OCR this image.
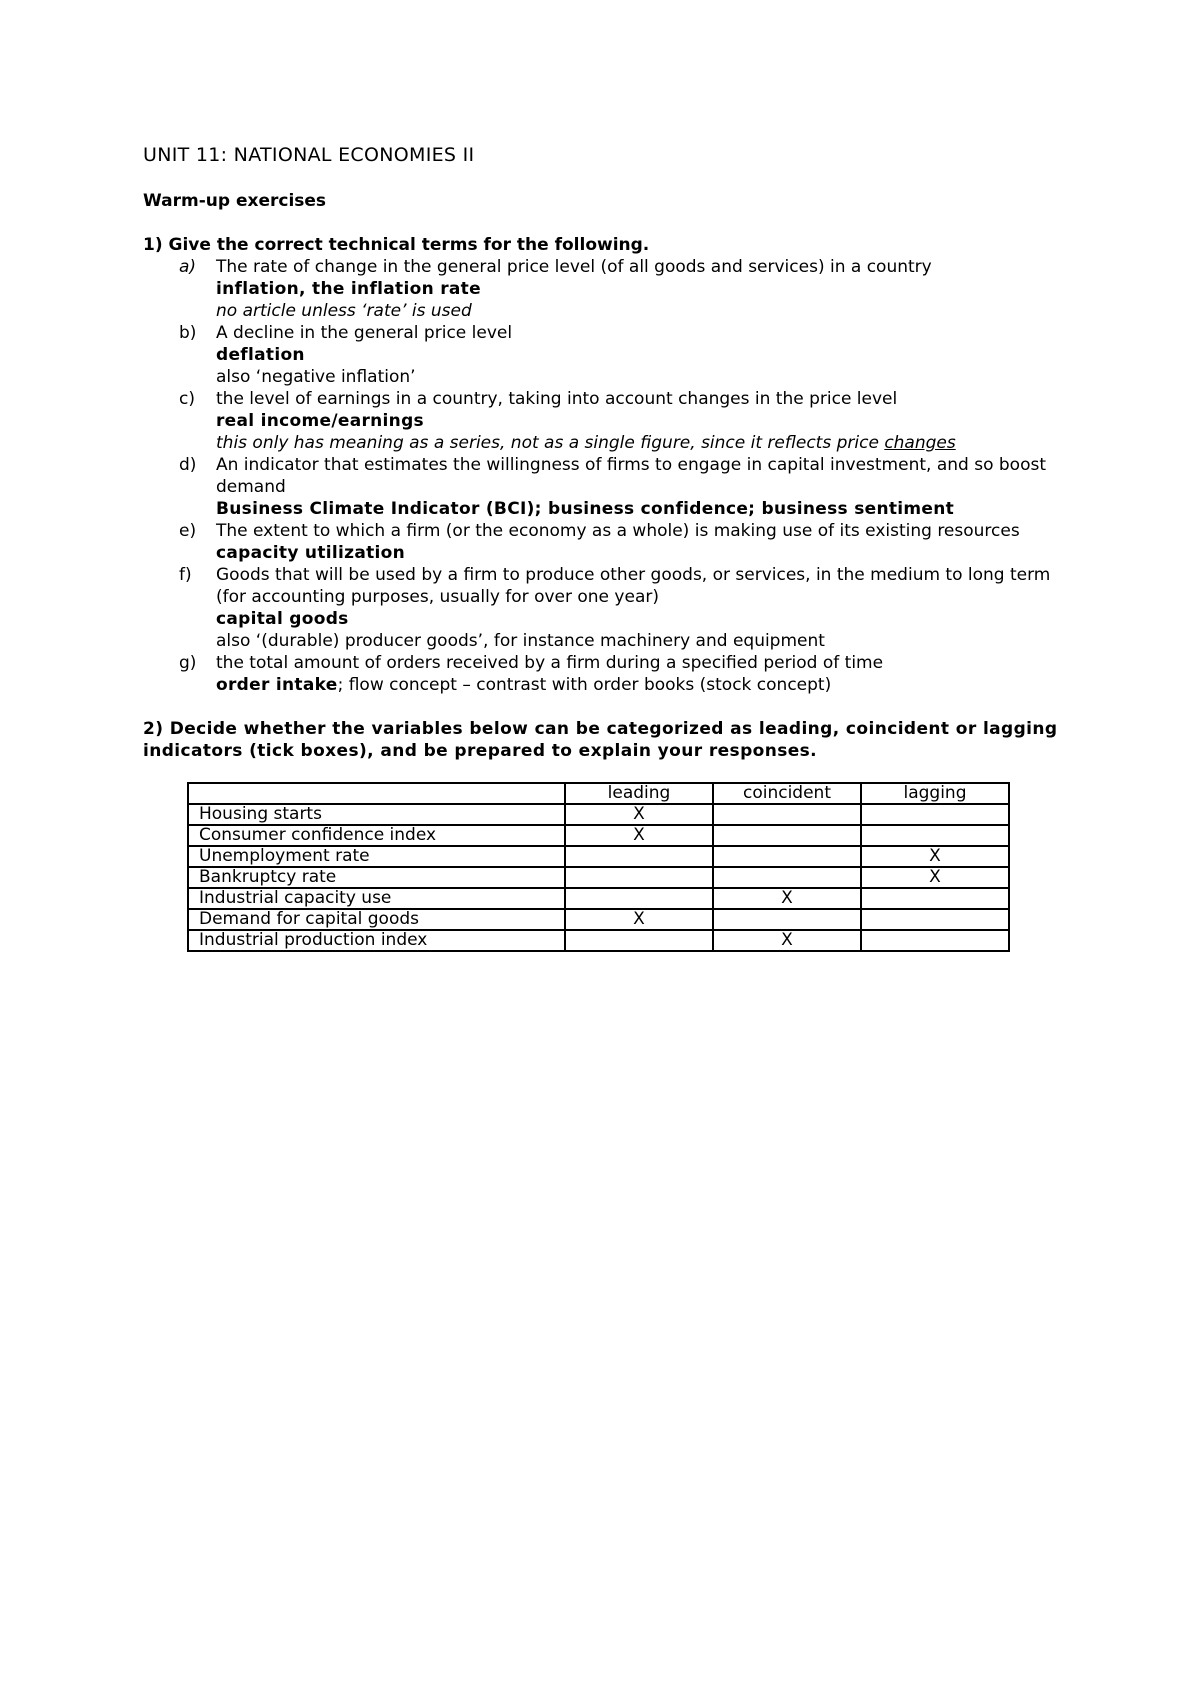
UNIT 11: NATIONAL ECONOMIES II
Warm-up exercises
1) Give the correct technical terms for the following.
a) The rate of change in the general price level (of all goods and services) in a country
inflation, the inflation rate
no article unless ‘rate’ is used
b) A decline in the general price level
deflation
also ‘negative inflation’
c) the level of earnings in a country, taking into account changes in the price level
real income/earnings
this only has meaning as a series, not as a single figure, since it reflects price changes
d) An indicator that estimates the willingness of firms to engage in capital investment, and so boost demand
Business Climate Indicator (BCI); business confidence; business sentiment
e) The extent to which a firm (or the economy as a whole) is making use of its existing resources
capacity utilization
f) Goods that will be used by a firm to produce other goods, or services, in the medium to long term (for accounting purposes, usually for over one year)
capital goods
also ‘(durable) producer goods’, for instance machinery and equipment
g) the total amount of orders received by a firm during a specified period of time
order intake; flow concept – contrast with order books (stock concept)
2) Decide whether the variables below can be categorized as leading, coincident or lagging indicators (tick boxes), and be prepared to explain your responses.
	leading	coincident	lagging
Housing starts	X		
Consumer confidence index	X		
Unemployment rate			X
Bankruptcy rate			X
Industrial capacity use		X	
Demand for capital goods	X		
Industrial production index		X	
